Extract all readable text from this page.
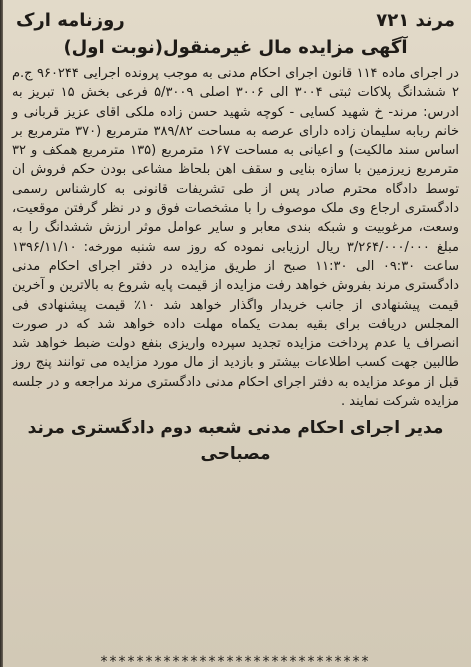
مرند ۷۲۱
روزنامه ارک
آگهی مزایده مال غیرمنقول(نوبت اول)
در اجرای ماده ۱۱۴ قانون اجرای احکام مدنی به موجب پرونده اجرایی ۹۶۰۲۴۴ ج.م ۲ ششدانگ پلاکات ثبتی ۳۰۰۴ الی ۳۰۰۶ اصلی ۵/۳۰۰۹ فرعی بخش ۱۵ تبریز به ادرس: مرند- خ شهید کسایی - کوچه شهید حسن زاده ملکی اقای عزیز قربانی و خانم ربابه سلیمان زاده دارای عرصه به مساحت ۳۸۹/۸۲ مترمربع (۳۷۰ مترمربع بر اساس سند مالکیت) و اعیانی به مساحت ۱۶۷ مترمربع (۱۳۵ مترمربع همکف و ۳۲ مترمربع زیرزمین با سازه بنایی و سقف اهن بلحاظ مشاعی بودن حکم فروش ان توسط دادگاه محترم صادر پس از طی تشریفات قانونی به کارشناس رسمی دادگستری ارجاع وی ملک موصوف را با مشخصات فوق و در نظر گرفتن موقعیت، وسعت، مرغوبیت و شبکه بندی معابر و سایر عوامل موثر ارزش ششدانگ را به مبلغ ۳/۲۶۴/۰۰۰/۰۰۰ ریال ارزیابی نموده که روز سه شنبه مورخه: ۱۳۹۶/۱۱/۱۰ ساعت ۰۹:۳۰ الی ۱۱:۳۰ صبح از طریق مزایده در دفتر اجرای احکام مدنی دادگستری مرند بفروش خواهد رفت مزایده از قیمت پایه شروع به بالاترین و آخرین قیمت پیشنهادی از جانب خریدار واگذار خواهد شد ۱۰٪ قیمت پیشنهادی فی المجلس دریافت برای بقیه بمدت یکماه مهلت داده خواهد شد که در صورت انصراف یا عدم پرداخت مزایده تجدید سپرده واریزی بنفع دولت ضبط خواهد شد طالبین جهت کسب اطلاعات بیشتر و بازدید از مال مورد مزایده می توانند پنج روز قبل از موعد مزایده به دفتر اجرای احکام مدنی دادگستری مرند مراجعه و در جلسه مزایده شرکت نمایند .
مدیر اجرای احکام مدنی شعبه دوم دادگستری مرند مصباحی
******************************
